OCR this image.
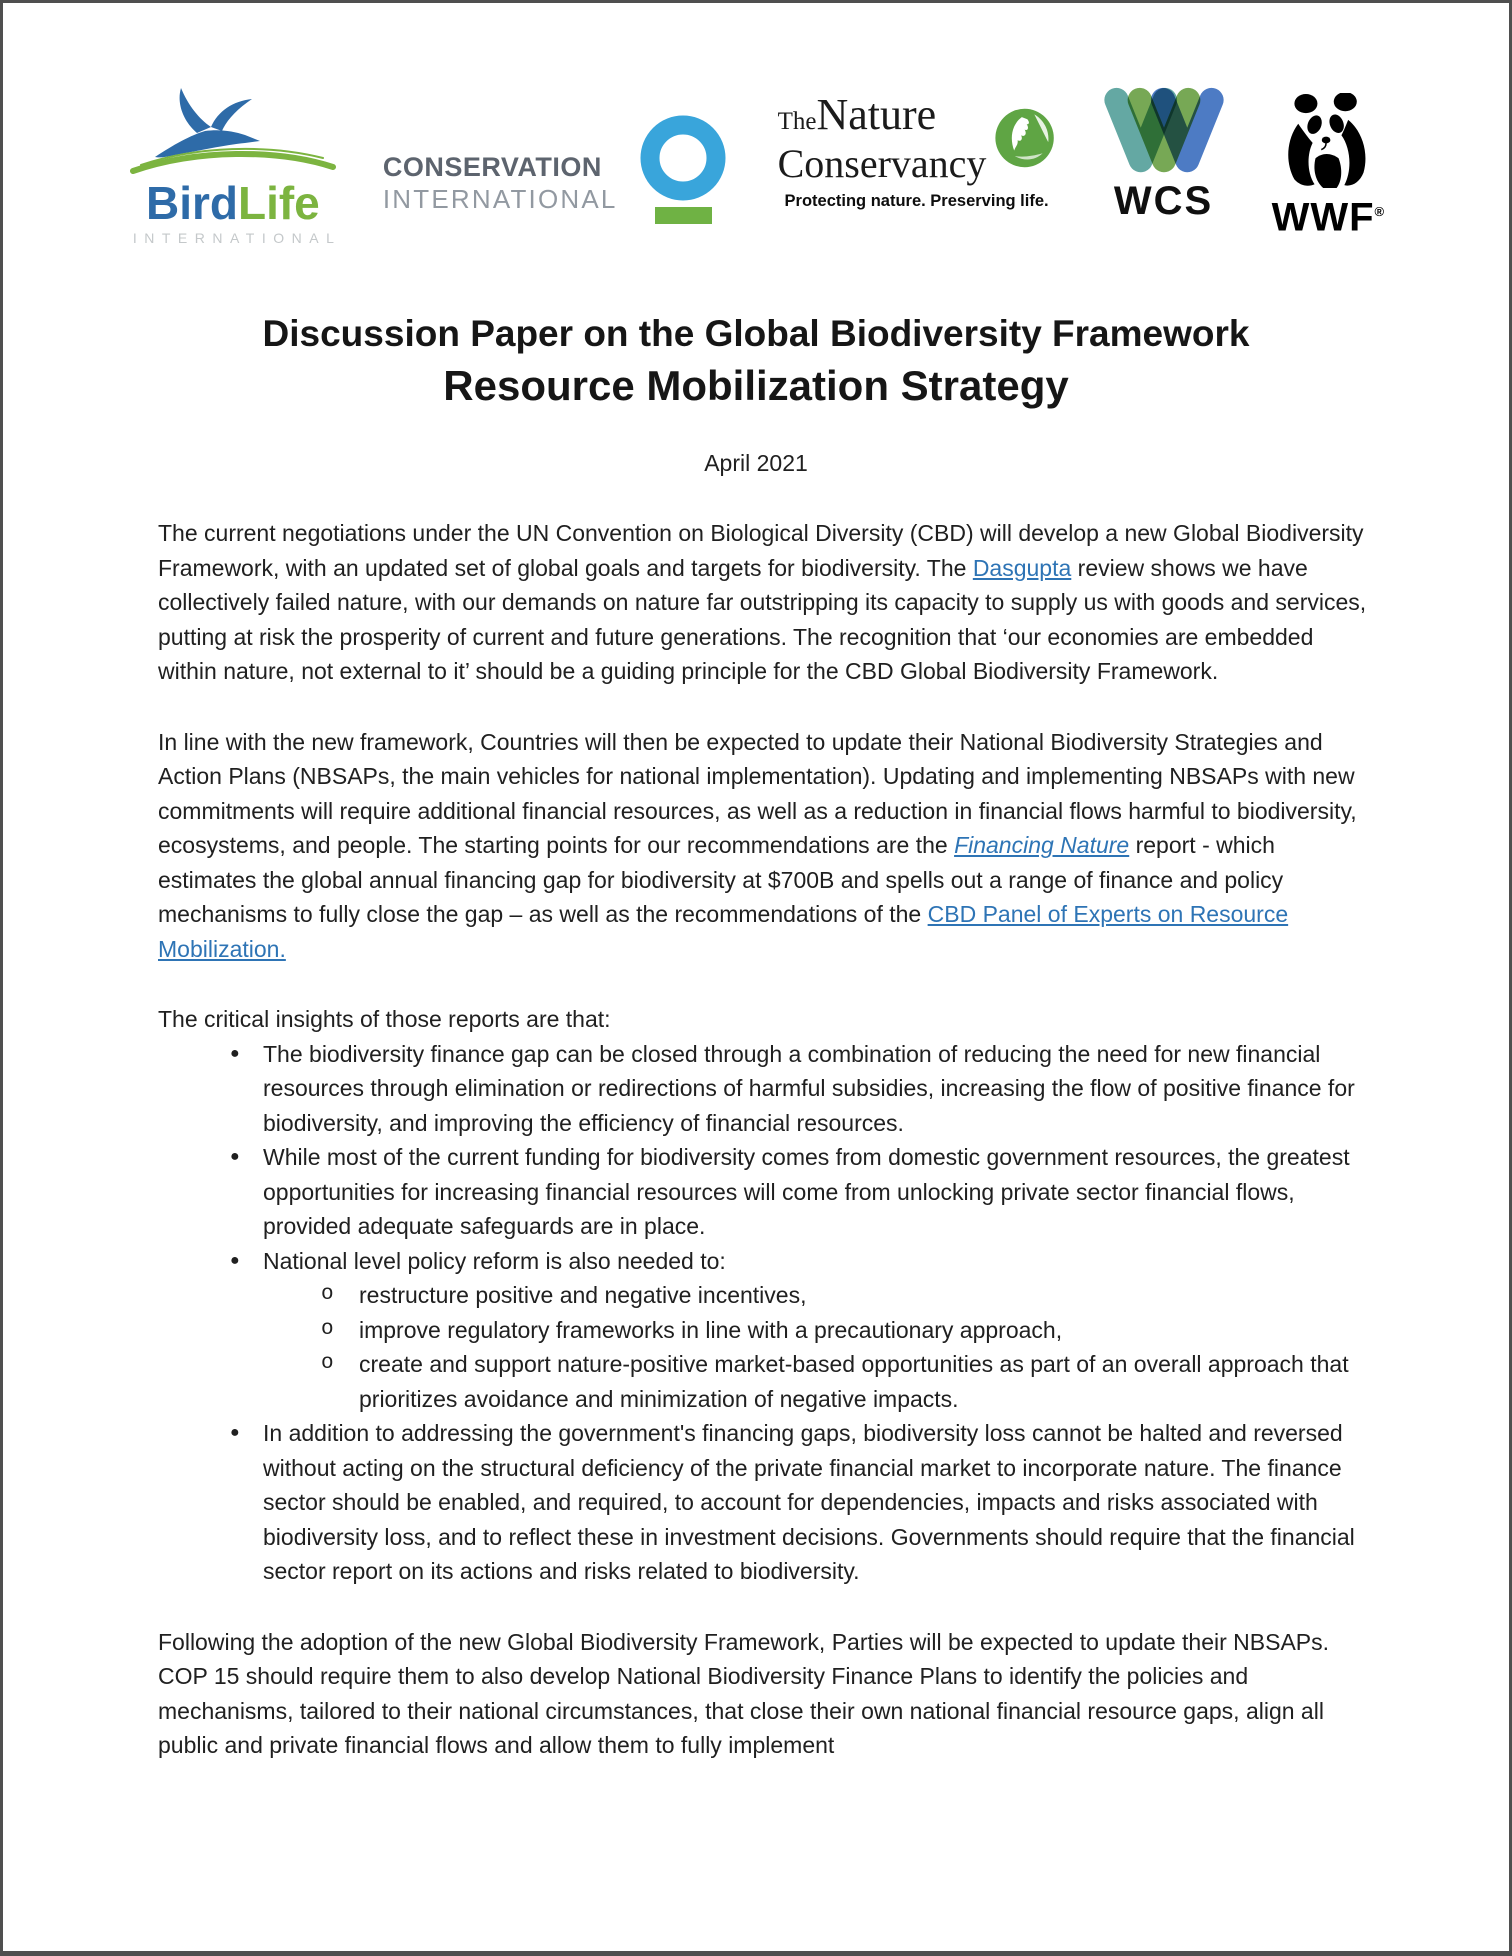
BirdLife
INTERNATIONAL
CONSERVATION
INTERNATIONAL
TheNature
Conservancy
Protecting nature. Preserving life.	WCS	WWF®
Discussion Paper on the Global Biodiversity Framework
Resource Mobilization Strategy
April 2021

The current negotiations under the UN Convention on Biological Diversity (CBD) will develop a new Global Biodiversity Framework, with an updated set of global goals and targets for biodiversity. The Dasgupta review shows we have collectively failed nature, with our demands on nature far outstripping its capacity to supply us with goods and services, putting at risk the prosperity of current and future generations. The recognition that ‘our economies are embedded within nature, not external to it’ should be a guiding principle for the CBD Global Biodiversity Framework.

In line with the new framework, Countries will then be expected to update their National Biodiversity Strategies and Action Plans (NBSAPs, the main vehicles for national implementation). Updating and implementing NBSAPs with new commitments will require additional financial resources, as well as a reduction in financial flows harmful to biodiversity, ecosystems, and people. The starting points for our recommendations are the Financing Nature report - which estimates the global annual financing gap for biodiversity at $700B and spells out a range of finance and policy mechanisms to fully close the gap – as well as the recommendations of the CBD Panel of Experts on Resource Mobilization.

The critical insights of those reports are that:

● The biodiversity finance gap can be closed through a combination of reducing the need for new financial resources through elimination or redirections of harmful subsidies, increasing the flow of positive finance for biodiversity, and improving the efficiency of financial resources.
● While most of the current funding for biodiversity comes from domestic government resources, the greatest opportunities for increasing financial resources will come from unlocking private sector financial flows, provided adequate safeguards are in place.
● National level policy reform is also needed to:
o restructure positive and negative incentives,
o improve regulatory frameworks in line with a precautionary approach,
o create and support nature-positive market-based opportunities as part of an overall approach that prioritizes avoidance and minimization of negative impacts.
● In addition to addressing the government's financing gaps, biodiversity loss cannot be halted and reversed without acting on the structural deficiency of the private financial market to incorporate nature. The finance sector should be enabled, and required, to account for dependencies, impacts and risks associated with biodiversity loss, and to reflect these in investment decisions. Governments should require that the financial sector report on its actions and risks related to biodiversity.

Following the adoption of the new Global Biodiversity Framework, Parties will be expected to update their NBSAPs. COP 15 should require them to also develop National Biodiversity Finance Plans to identify the policies and mechanisms, tailored to their national circumstances, that close their own national financial resource gaps, align all public and private financial flows and allow them to fully implement
